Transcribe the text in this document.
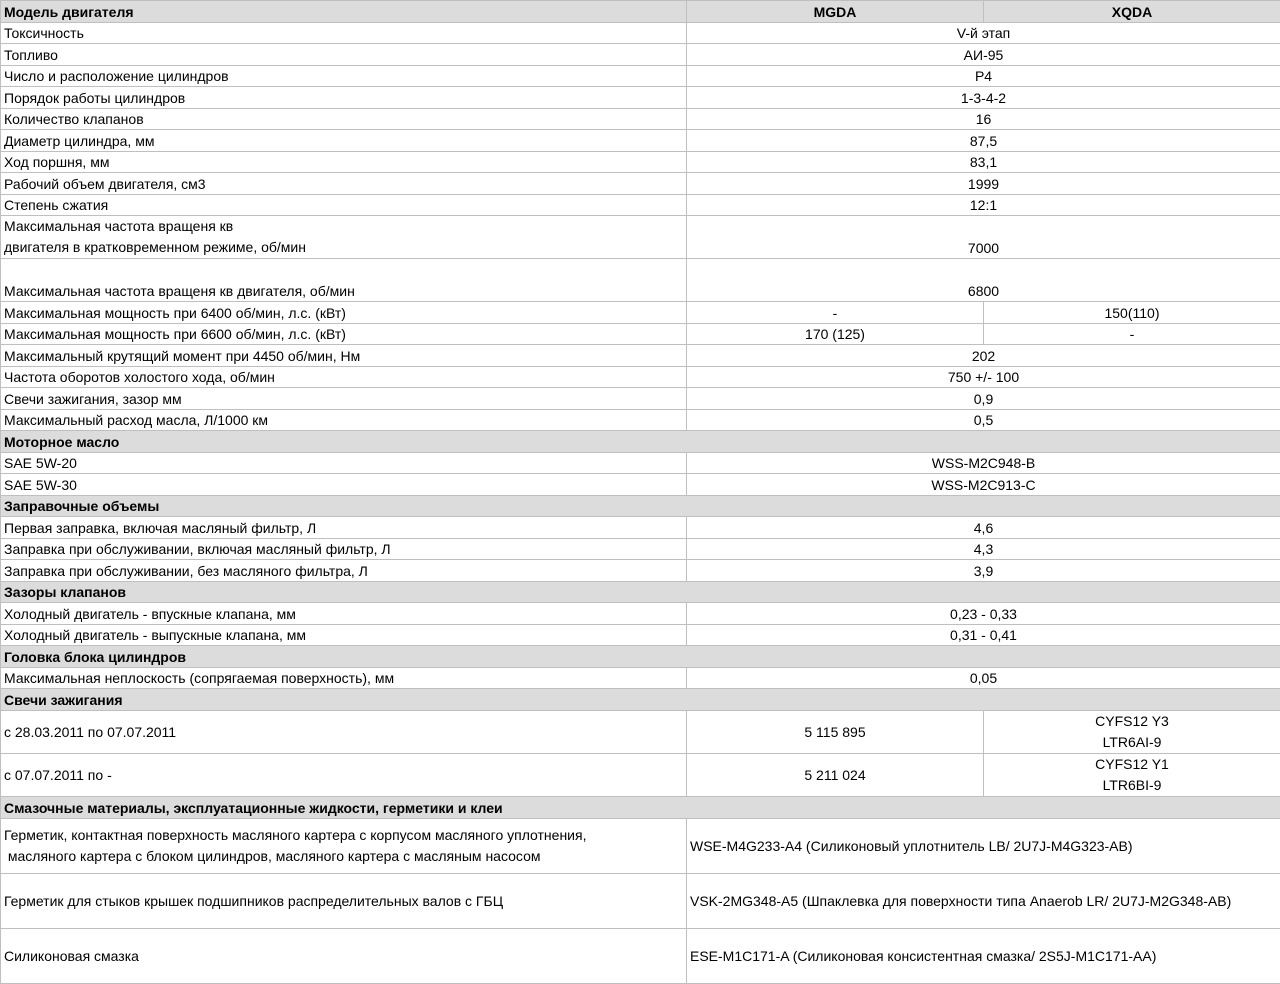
Модель двигателя	MGDA	XQDA
Токсичность	V-й этап	
Топливо	АИ-95	
Число и расположение цилиндров	Р4	
Порядок работы цилиндров	1-3-4-2	
Количество клапанов	16	
Диаметр цилиндра, мм	87,5	
Ход поршня, мм	83,1	
Рабочий объем двигателя, см3	1999	
Степень сжатия	12:1	

Максимальная частота вращеня кв
двигателя в кратковременном режиме, об/мин	7000	
Максимальная частота вращеня кв двигателя, об/мин	6800	
Максимальная мощность при 6400 об/мин, л.с. (кВт)	-	150(110)
Максимальная мощность при 6600 об/мин, л.с. (кВт)	170 (125)	-
Максимальный крутящий момент при 4450 об/мин, Нм	202	
Частота оборотов холостого хода, об/мин	750 +/- 100	
Свечи зажигания, зазор мм	0,9	
Максимальный расход масла, Л/1000 км	0,5	
Моторное масло		
SAE 5W-20	WSS-M2C948-B	
SAE 5W-30	WSS-M2C913-C	
Заправочные объемы		
Первая заправка, включая масляный фильтр, Л	4,6	
Заправка при обслуживании, включая масляный фильтр, Л	4,3	
Заправка при обслуживании, без масляного фильтра, Л	3,9	
Зазоры клапанов		
Холодный двигатель - впускные клапана, мм	0,23 - 0,33	
Холодный двигатель - выпускные клапана, мм	0,31 - 0,41	
Головка блока цилиндров		
Максимальная неплоскость (сопрягаемая поверхность), мм	0,05	
Свечи зажигания		
с 28.03.2011 по 07.07.2011	5 115 895	CYFS12 Y3
LTR6AI-9

с 07.07.2011 по -	5 211 024	CYFS12 Y1
LTR6BI-9

Смазочные материалы, эксплуатационные жидкости, герметики и клеи		

Герметик, контактная поверхность масляного картера с корпусом масляного уплотнения,
масляного картера с блоком цилиндров, масляного картера с масляным насосом	WSE-M4G233-A4 (Силиконовый уплотнитель LB/ 2U7J-M4G323-AB)	
Герметик для стыков крышек подшипников распределительных валов с ГБЦ	VSK-2MG348-A5 (Шпаклевка для поверхности типа Anaerob LR/ 2U7J-M2G348-AB)	
Силиконовая смазка	ESE-M1C171-A (Силиконовая консистентная смазка/ 2S5J-M1C171-AA)	
